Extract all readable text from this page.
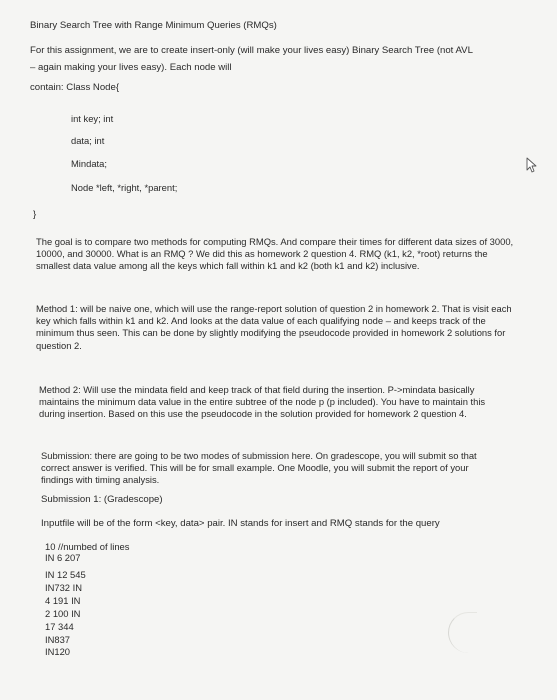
Binary Search Tree with Range Minimum Queries (RMQs)
For this assignment, we are to create insert-only (will make your lives easy) Binary Search Tree (not AVL
– again making your lives easy). Each node will
contain: Class Node{
int key; int
data; int
Mindata;
Node *left, *right, *parent;
}
The goal is to compare two methods for computing RMQs. And compare their times for different data sizes of 3000, 10000, and 30000. What is an RMQ ? We did this as homework 2 question 4. RMQ (k1, k2, *root) returns the smallest data value among all the keys which fall within k1 and k2 (both k1 and k2) inclusive.
Method 1: will be naive one, which will use the range-report solution of question 2 in homework 2. That is visit each key which falls within k1 and k2. And looks at the data value of each qualifying node – and keeps track of the minimum thus seen. This can be done by slightly modifying the pseudocode provided in homework 2 solutions for question 2.
Method 2: Will use the mindata field and keep track of that field during the insertion. P->mindata basically maintains the minimum data value in the entire subtree of the node p (p included). You have to maintain this during insertion. Based on this use the pseudocode in the solution provided for homework 2 question 4.
Submission: there are going to be two modes of submission here. On gradescope, you will submit so that correct answer is verified. This will be for small example. One Moodle, you will submit the report of your findings with timing analysis.
Submission 1: (Gradescope)
Inputfile will be of the form <key, data> pair. IN stands for insert and RMQ stands for the query
10 //numbed of lines
IN 6 207
IN 12 545
IN732 IN
4 191 IN
2 100 IN
17 344
IN837
IN120
